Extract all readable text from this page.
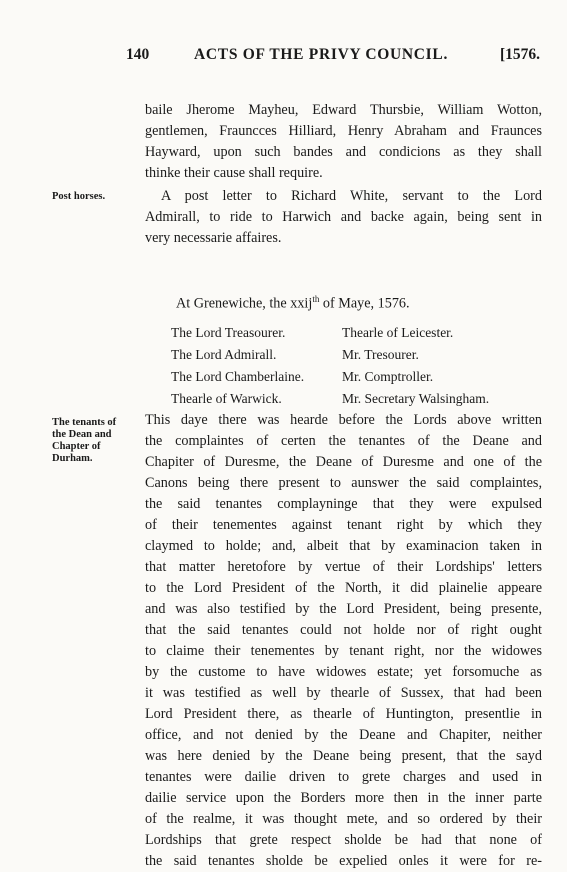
140	ACTS OF THE PRIVY COUNCIL.	[1576.
baile Jherome Mayheu, Edward Thursbie, William Wotton,
gentlemen, Frauncces Hilliard, Henry Abraham and Fraunces
Hayward, upon such bandes and condicions as they shall
thinke their cause shall require.
Post horses.	A post letter to Richard White, servant to the Lord
Admirall, to ride to Harwich and backe again, being sent in
very necessarie affaires.
At Grenewiche, the xxij$^{th}$ of Maye, 1576.
The Lord Treasourer.	Thearle of Leicester.
The Lord Admirall.	Mr. Tresourer.
The Lord Chamberlaine.	Mr. Comptroller.
Thearle of Warwick.	Mr. Secretary Walsingham.
The tenants of
the Dean and
Chapter of
Durham.
This daye there was hearde before the Lords above written
the complaintes of certen the tenantes of the Deane and
Chapiter of Duresme, the Deane of Duresme and one of the
Canons being there present to aunswer the said complaintes,
the said tenantes complayninge that they were expulsed
of their tenementes against tenant right by which they
claymed to holde; and, albeit that by examinacion taken in
that matter heretofore by vertue of their Lordships' letters
to the Lord President of the North, it did plainelie appeare
and was also testified by the Lord President, being presente,
that the said tenantes could not holde nor of right ought
to claime their tenementes by tenant right, nor the widowes
by the custome to have widowes estate; yet forsomuche as
it was testified as well by thearle of Sussex, that had been
Lord President there, as thearle of Huntington, presentlie in
office, and not denied by the Deane and Chapiter, neither
was here denied by the Deane being present, that the sayd
tenantes were dailie driven to grete charges and used in
dailie service upon the Borders more then in the inner parte
of the realme, it was thought mete, and so ordered by their
Lordships that grete respect sholde be had that none of
the said tenantes sholde be expelied onles it were for re-
